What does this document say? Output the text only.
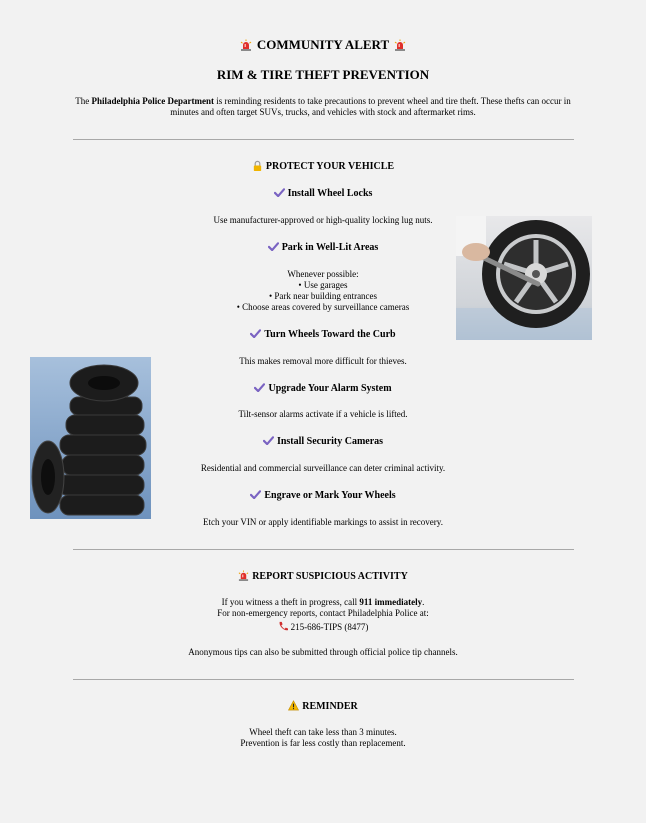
COMMUNITY ALERT
RIM & TIRE THEFT PREVENTION
The Philadelphia Police Department is reminding residents to take precautions to prevent wheel and tire theft. These thefts can occur in minutes and often target SUVs, trucks, and vehicles with stock and aftermarket rims.
PROTECT YOUR VEHICLE
Install Wheel Locks
Use manufacturer-approved or high-quality locking lug nuts.
Park in Well-Lit Areas
Whenever possible:
• Use garages
• Park near building entrances
• Choose areas covered by surveillance cameras
Turn Wheels Toward the Curb
This makes removal more difficult for thieves.
Upgrade Your Alarm System
Tilt-sensor alarms activate if a vehicle is lifted.
Install Security Cameras
Residential and commercial surveillance can deter criminal activity.
Engrave or Mark Your Wheels
Etch your VIN or apply identifiable markings to assist in recovery.
REPORT SUSPICIOUS ACTIVITY
If you witness a theft in progress, call 911 immediately.
For non-emergency reports, contact Philadelphia Police at:
215-686-TIPS (8477)
Anonymous tips can also be submitted through official police tip channels.
REMINDER
Wheel theft can take less than 3 minutes.
Prevention is far less costly than replacement.
